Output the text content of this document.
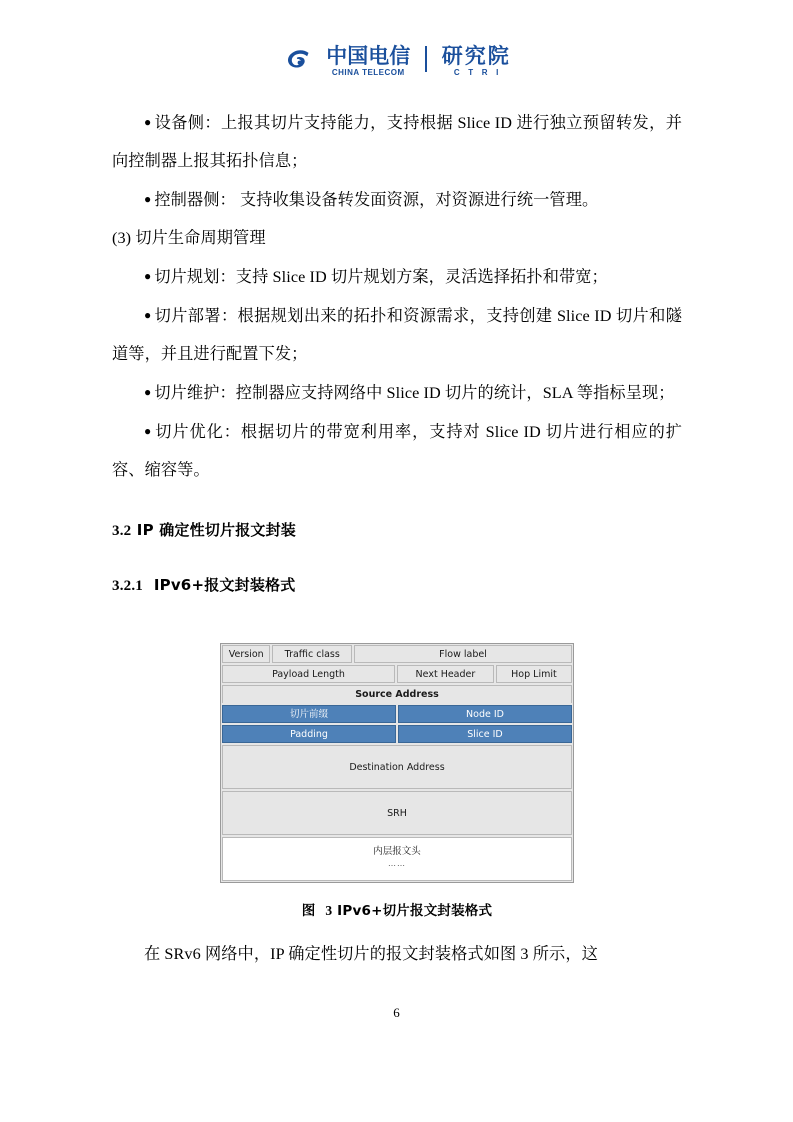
中国电信
CHINA TELECOM
研究院
C T R I

● 设备侧：上报其切片支持能力，支持根据 Slice ID 进行独立预留转发，并向控制器上报其拓扑信息；

● 控制器侧： 支持收集设备转发面资源，对资源进行统一管理。

(3) 切片生命周期管理

● 切片规划：支持 Slice ID 切片规划方案，灵活选择拓扑和带宽；

● 切片部署：根据规划出来的拓扑和资源需求，支持创建 Slice ID 切片和隧道等，并且进行配置下发；

● 切片维护：控制器应支持网络中 Slice ID 切片的统计，SLA 等指标呈现；

● 切片优化：根据切片的带宽利用率，支持对 Slice ID 切片进行相应的扩容、缩容等。

3.2 IP 确定性切片报文封装
3.2.1 IPv6+报文封装格式
Version	Traffic class	Flow label
Payload Length	Next Header	Hop Limit
Source Address
切片前缀	Node ID
Padding	Slice ID
Destination Address
SRH
内层报文头
……
图 3 IPv6+切片报文封装格式

在 SRv6 网络中，IP 确定性切片的报文封装格式如图 3 所示，这

6
